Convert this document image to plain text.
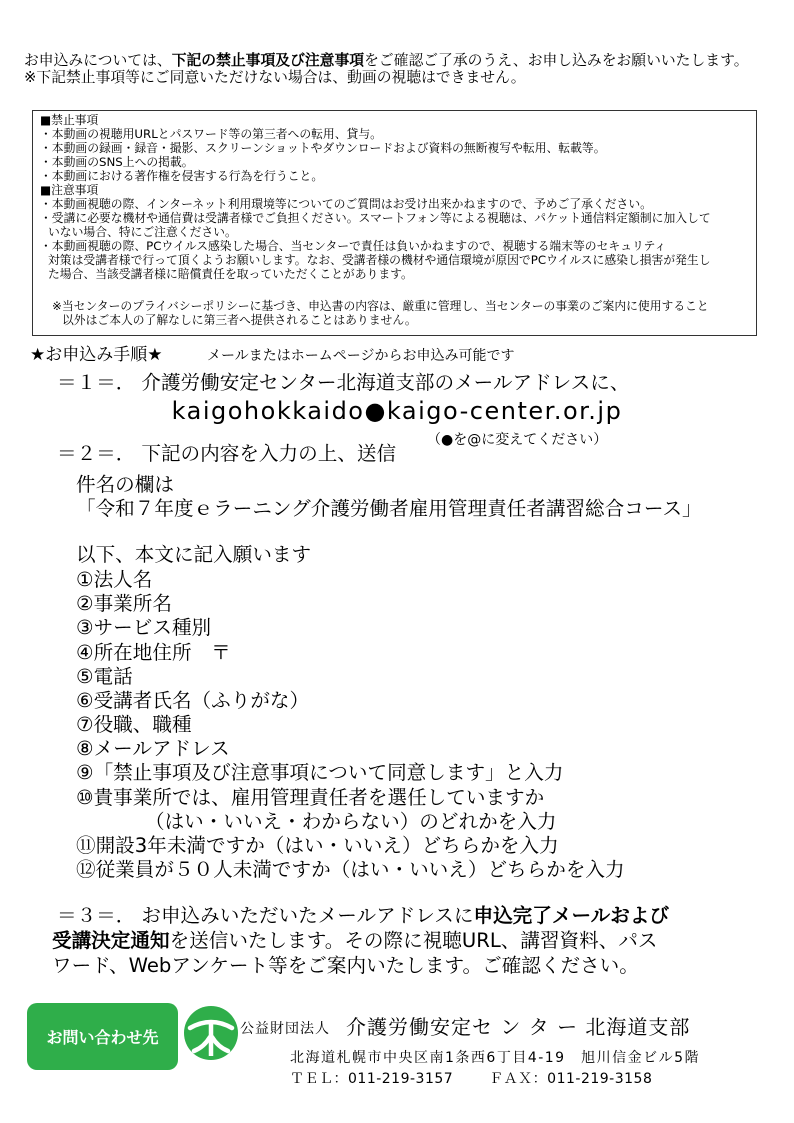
お申込みについては、下記の禁止事項及び注意事項をご確認ご了承のうえ、お申し込みをお願いいたします。
※下記禁止事項等にご同意いただけない場合は、動画の視聴はできません。
■禁止事項
・本動画の視聴用URLとパスワード等の第三者への転用、貸与。
・本動画の録画・録音・撮影、スクリーンショットやダウンロードおよび資料の無断複写や転用、転載等。
・本動画のSNS上への掲載。
・本動画における著作権を侵害する行為を行うこと。
■注意事項
・本動画視聴の際、インターネット利用環境等についてのご質問はお受け出来かねますので、予めご了承ください。
・受講に必要な機材や通信費は受講者様でご負担ください。スマートフォン等による視聴は、パケット通信料定額制に加入して
いない場合、特にご注意ください。
・本動画視聴の際、PCウイルス感染した場合、当センターで責任は負いかねますので、視聴する端末等のセキュリティ
対策は受講者様で行って頂くようお願いします。なお、受講者様の機材や通信環境が原因でPCウイルスに感染し損害が発生し
た場合、当該受講者様に賠償責任を取っていただくことがあります。
※当センターのプライバシーポリシーに基づき、申込書の内容は、厳重に管理し、当センターの事業のご案内に使用すること
以外はご本人の了解なしに第三者へ提供されることはありません。
★お申込み手順★	メールまたはホームページからお申込み可能です
＝１＝． 介護労働安定センター北海道支部のメールアドレスに、
kaigohokkaido●kaigo-center.or.jp
（●を@に変えてください）
＝２＝． 下記の内容を入力の上、送信
件名の欄は
「令和７年度ｅラーニング介護労働者雇用管理責任者講習総合コース」
以下、本文に記入願います
①法人名
②事業所名
③サービス種別
④所在地住所　〒
⑤電話
⑥受講者氏名（ふりがな）
⑦役職、職種
⑧メールアドレス
⑨「禁止事項及び注意事項について同意します」と入力
⑩貴事業所では、雇用管理責任者を選任していますか
（はい・いいえ・わからない）のどれかを入力
⑪開設3年未満ですか（はい・いいえ）どちらかを入力
⑫従業員が５０人未満ですか（はい・いいえ）どちらかを入力
＝３＝． お申込みいただいたメールアドレスに申込完了メールおよび
受講決定通知を送信いたします。その際に視聴URL、講習資料、パス
ワード、Webアンケート等をご案内いたします。ご確認ください。
お問い合わせ先	公益財団法人 介護労働安定セ ン タ ー 北海道支部
北海道札幌市中央区南1条西6丁目4-19　旭川信金ビル5階
ＴＥＬ：011-219-3157	ＦＡＸ：011-219-3158
